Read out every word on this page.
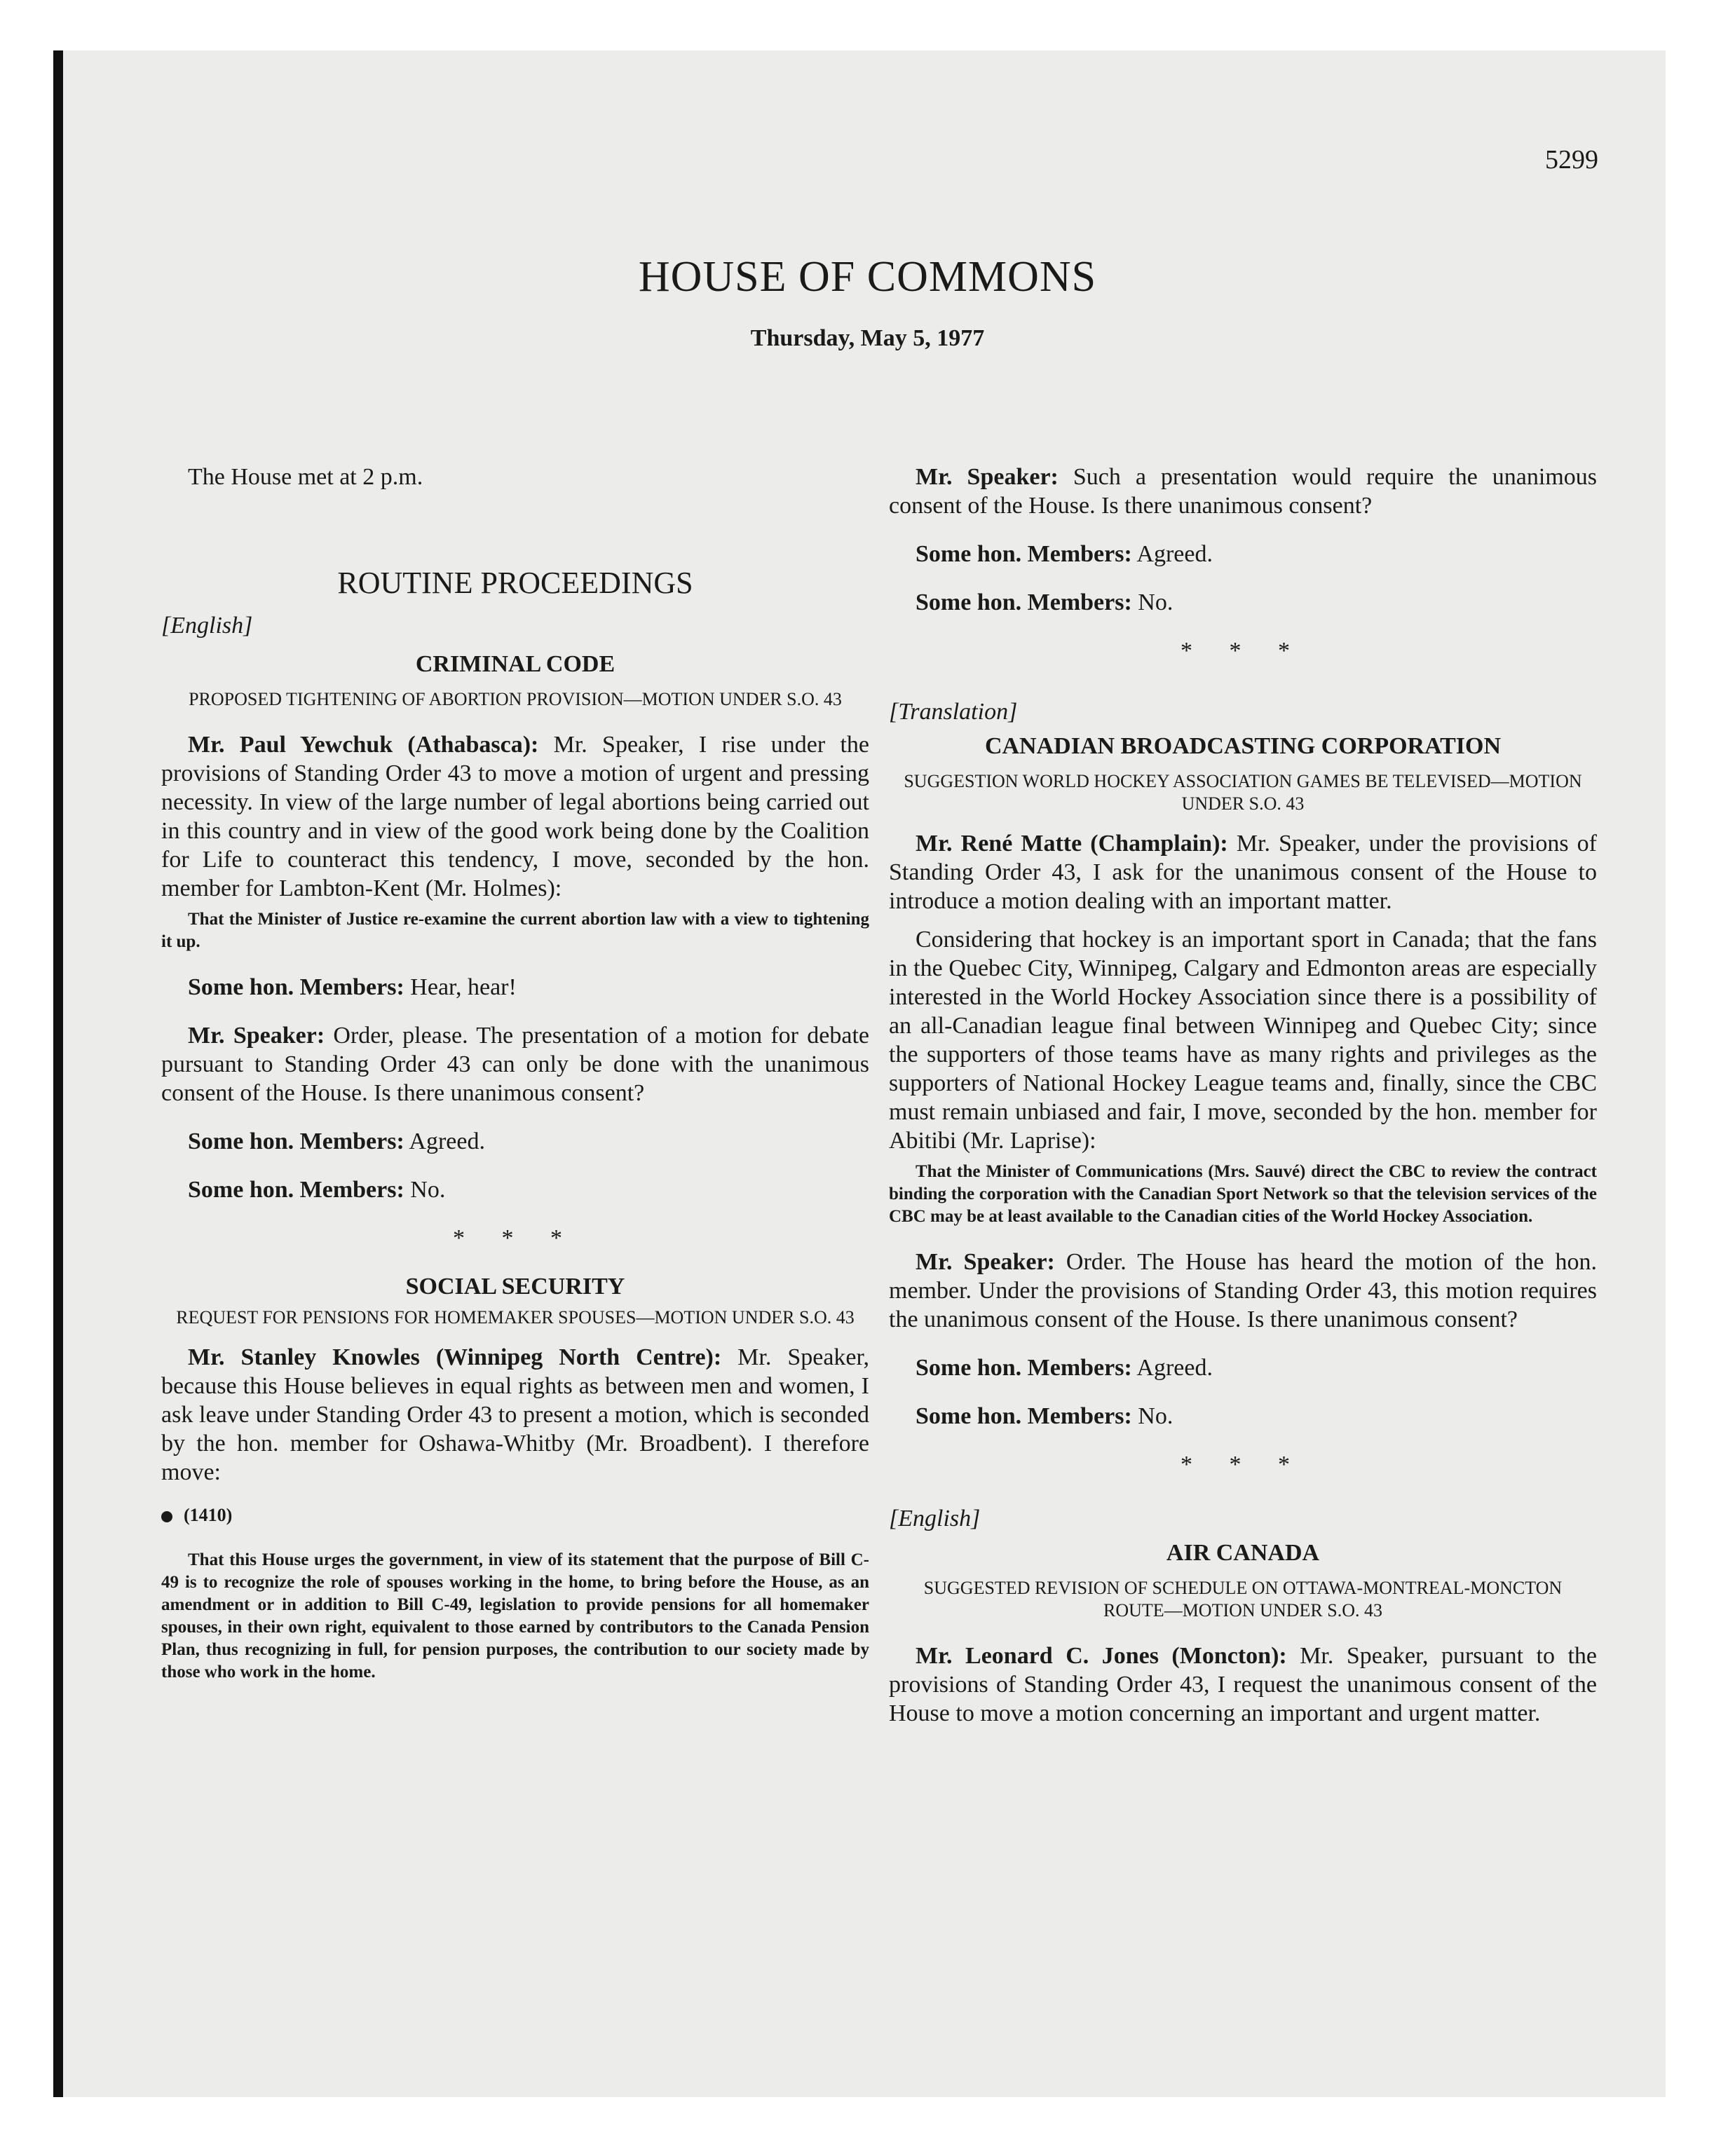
5299
HOUSE OF COMMONS
Thursday, May 5, 1977

The House met at 2 p.m.

ROUTINE PROCEEDINGS

[English]

CRIMINAL CODE

PROPOSED TIGHTENING OF ABORTION PROVISION—MOTION UNDER S.O. 43

Mr. Paul Yewchuk (Athabasca): Mr. Speaker, I rise under the provisions of Standing Order 43 to move a motion of urgent and pressing necessity. In view of the large number of legal abortions being carried out in this country and in view of the good work being done by the Coalition for Life to counteract this tendency, I move, seconded by the hon. member for Lambton-Kent (Mr. Holmes):

That the Minister of Justice re-examine the current abortion law with a view to tightening it up.

Some hon. Members: Hear, hear!

Mr. Speaker: Order, please. The presentation of a motion for debate pursuant to Standing Order 43 can only be done with the unanimous consent of the House. Is there unanimous consent?

Some hon. Members: Agreed.

Some hon. Members: No.

* * *

SOCIAL SECURITY

REQUEST FOR PENSIONS FOR HOMEMAKER SPOUSES—MOTION UNDER S.O. 43

Mr. Stanley Knowles (Winnipeg North Centre): Mr. Speaker, because this House believes in equal rights as between men and women, I ask leave under Standing Order 43 to present a motion, which is seconded by the hon. member for Oshawa-Whitby (Mr. Broadbent). I therefore move:

(1410)

That this House urges the government, in view of its statement that the purpose of Bill C-49 is to recognize the role of spouses working in the home, to bring before the House, as an amendment or in addition to Bill C-49, legislation to provide pensions for all homemaker spouses, in their own right, equivalent to those earned by contributors to the Canada Pension Plan, thus recognizing in full, for pension purposes, the contribution to our society made by those who work in the home.

Mr. Speaker: Such a presentation would require the unanimous consent of the House. Is there unanimous consent?

Some hon. Members: Agreed.

Some hon. Members: No.

* * *

[Translation]

CANADIAN BROADCASTING CORPORATION

SUGGESTION WORLD HOCKEY ASSOCIATION GAMES BE TELEVISED—MOTION UNDER S.O. 43

Mr. René Matte (Champlain): Mr. Speaker, under the provisions of Standing Order 43, I ask for the unanimous consent of the House to introduce a motion dealing with an important matter.

Considering that hockey is an important sport in Canada; that the fans in the Quebec City, Winnipeg, Calgary and Edmonton areas are especially interested in the World Hockey Association since there is a possibility of an all-Canadian league final between Winnipeg and Quebec City; since the supporters of those teams have as many rights and privileges as the supporters of National Hockey League teams and, finally, since the CBC must remain unbiased and fair, I move, seconded by the hon. member for Abitibi (Mr. Laprise):

That the Minister of Communications (Mrs. Sauvé) direct the CBC to review the contract binding the corporation with the Canadian Sport Network so that the television services of the CBC may be at least available to the Canadian cities of the World Hockey Association.

Mr. Speaker: Order. The House has heard the motion of the hon. member. Under the provisions of Standing Order 43, this motion requires the unanimous consent of the House. Is there unanimous consent?

Some hon. Members: Agreed.

Some hon. Members: No.

* * *

[English]

AIR CANADA

SUGGESTED REVISION OF SCHEDULE ON OTTAWA-MONTREAL-MONCTON ROUTE—MOTION UNDER S.O. 43

Mr. Leonard C. Jones (Moncton): Mr. Speaker, pursuant to the provisions of Standing Order 43, I request the unanimous consent of the House to move a motion concerning an important and urgent matter.
